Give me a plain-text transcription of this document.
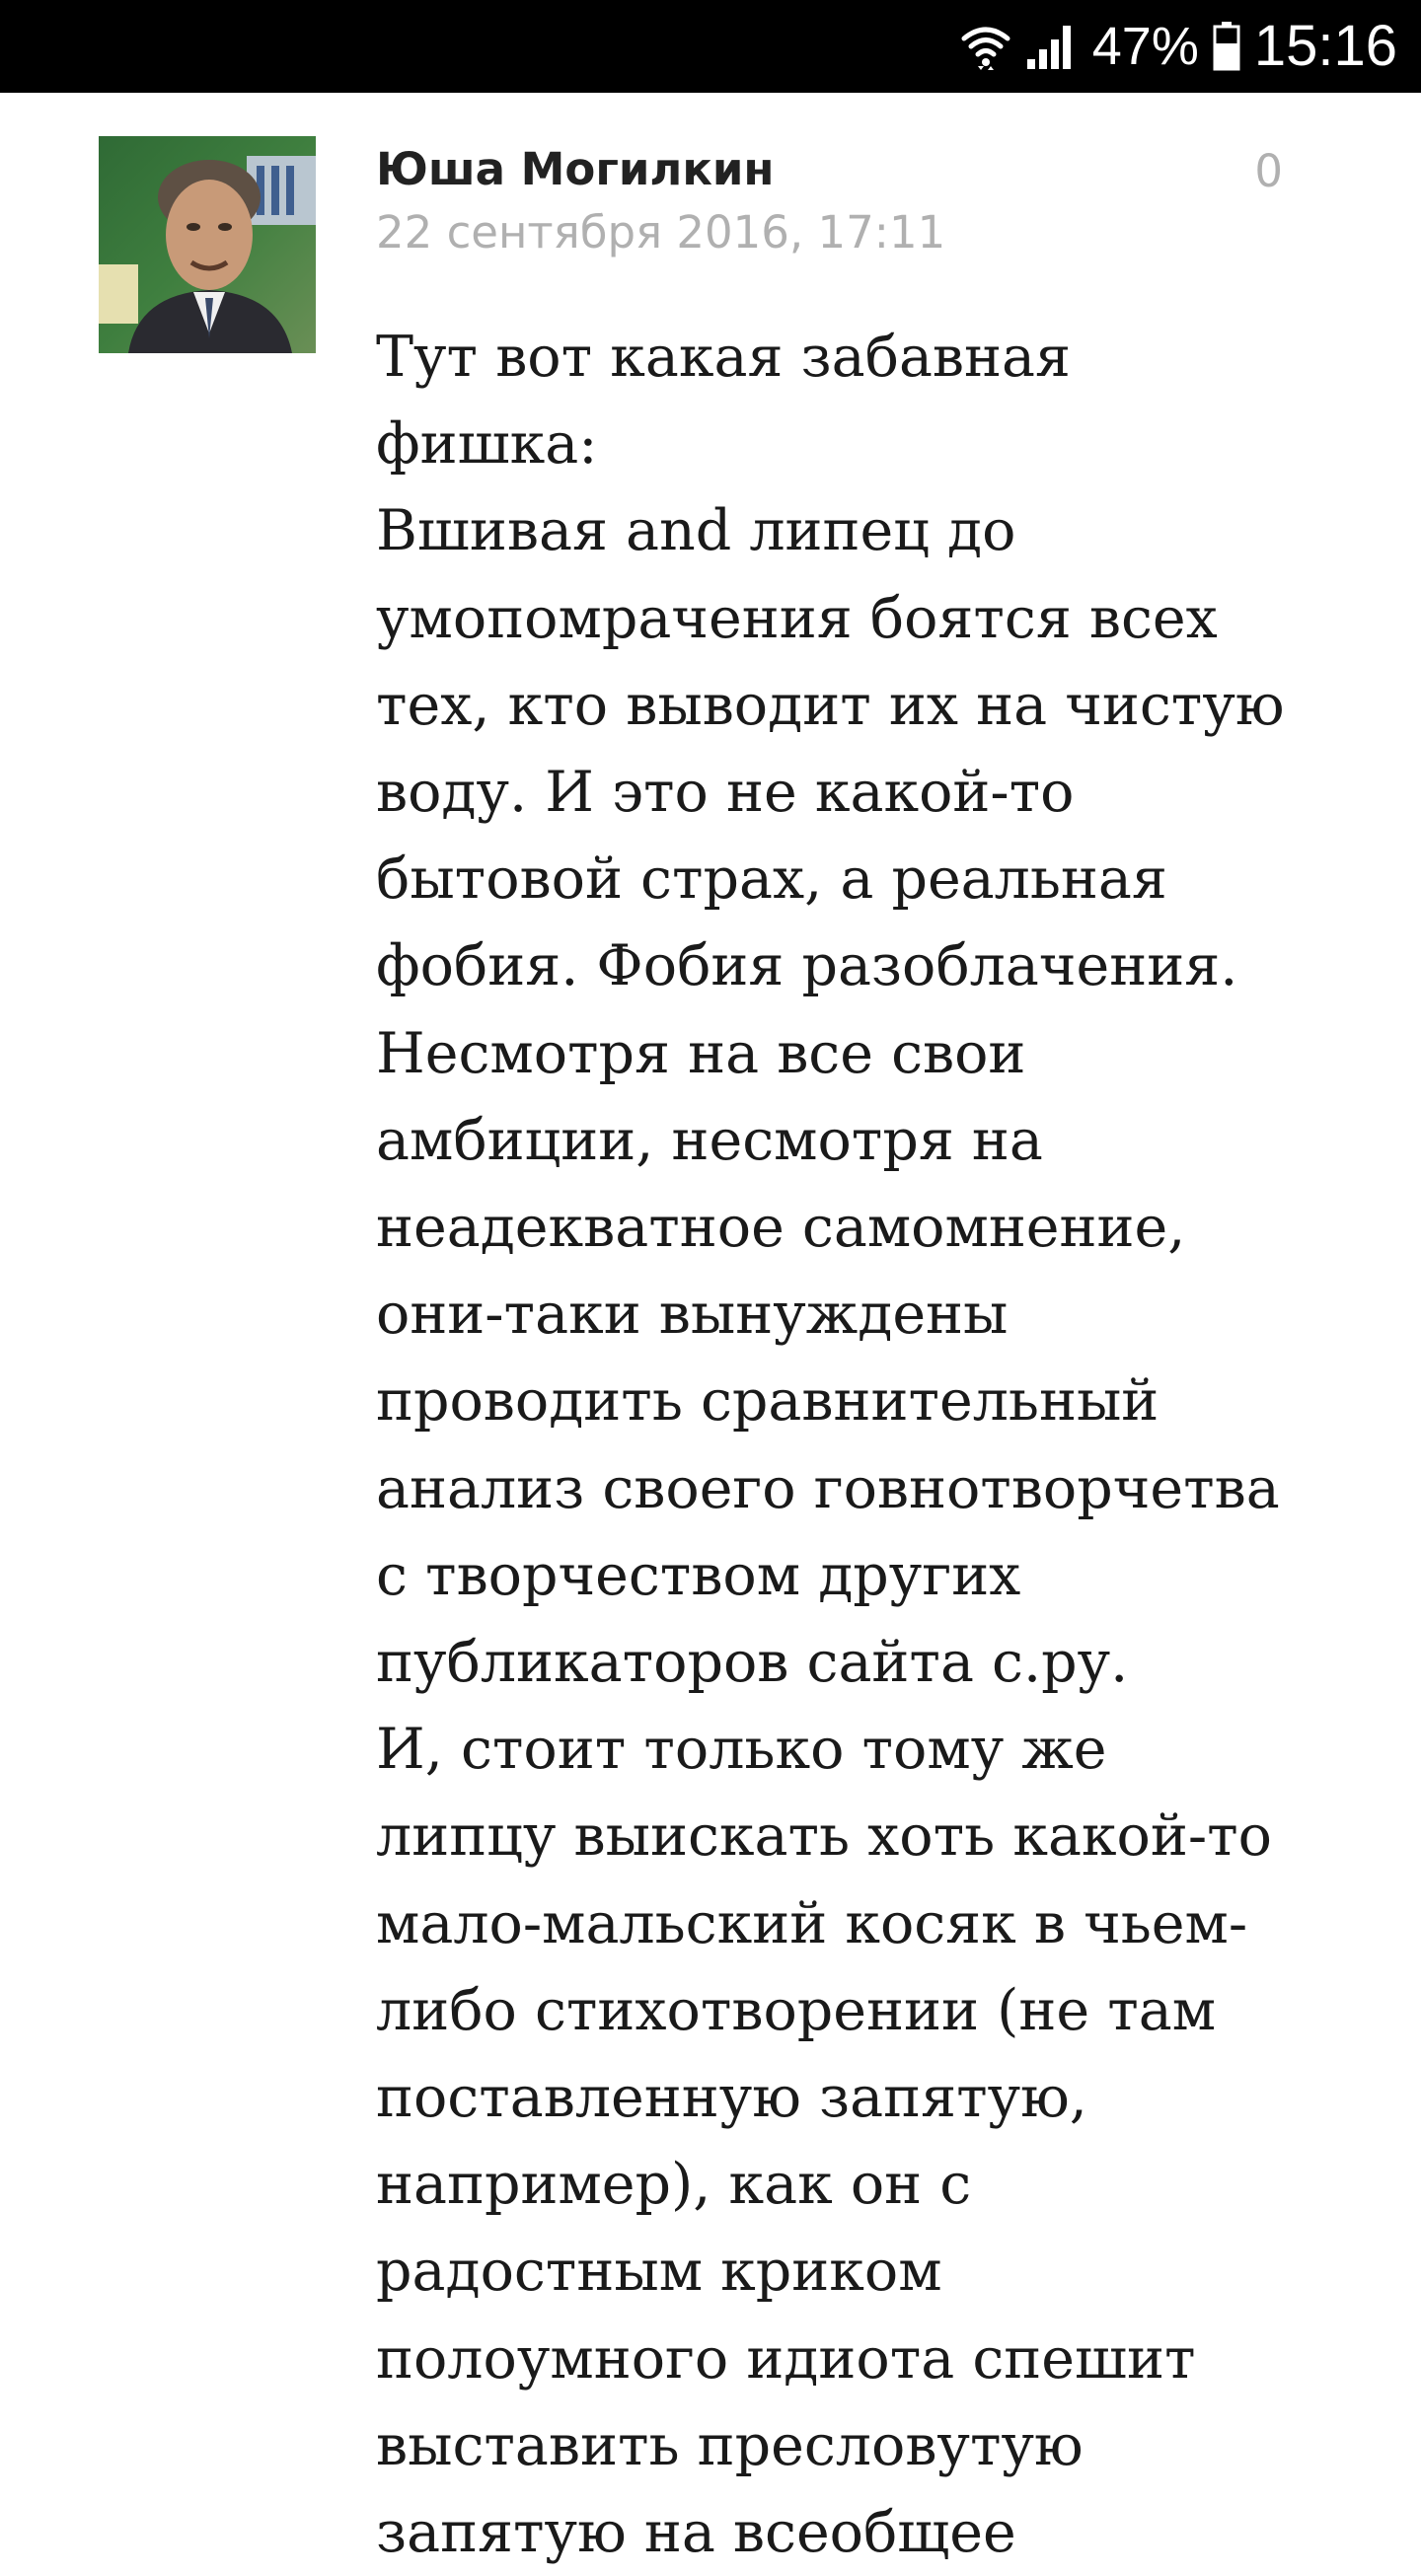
47% 15:16
Юша Могилкин
22 сентября 2016, 17:11
0
Тут вот какая забавная
фишка:
Вшивая and липец до
умопомрачения боятся всех
тех, кто выводит их на чистую
воду. И это не какой-то
бытовой страх, а реальная
фобия. Фобия разоблачения.
Несмотря на все свои
амбиции, несмотря на
неадекватное самомнение,
они-таки вынуждены
проводить сравнительный
анализ своего говнотворчетва
с творчеством других
публикаторов сайта с.ру.
И, стоит только тому же
липцу выискать хоть какой-то
мало-мальский косяк в чьем-
либо стихотворении (не там
поставленную запятую,
например), как он с
радостным криком
полоумного идиота спешит
выставить пресловутую
запятую на всеобщее
